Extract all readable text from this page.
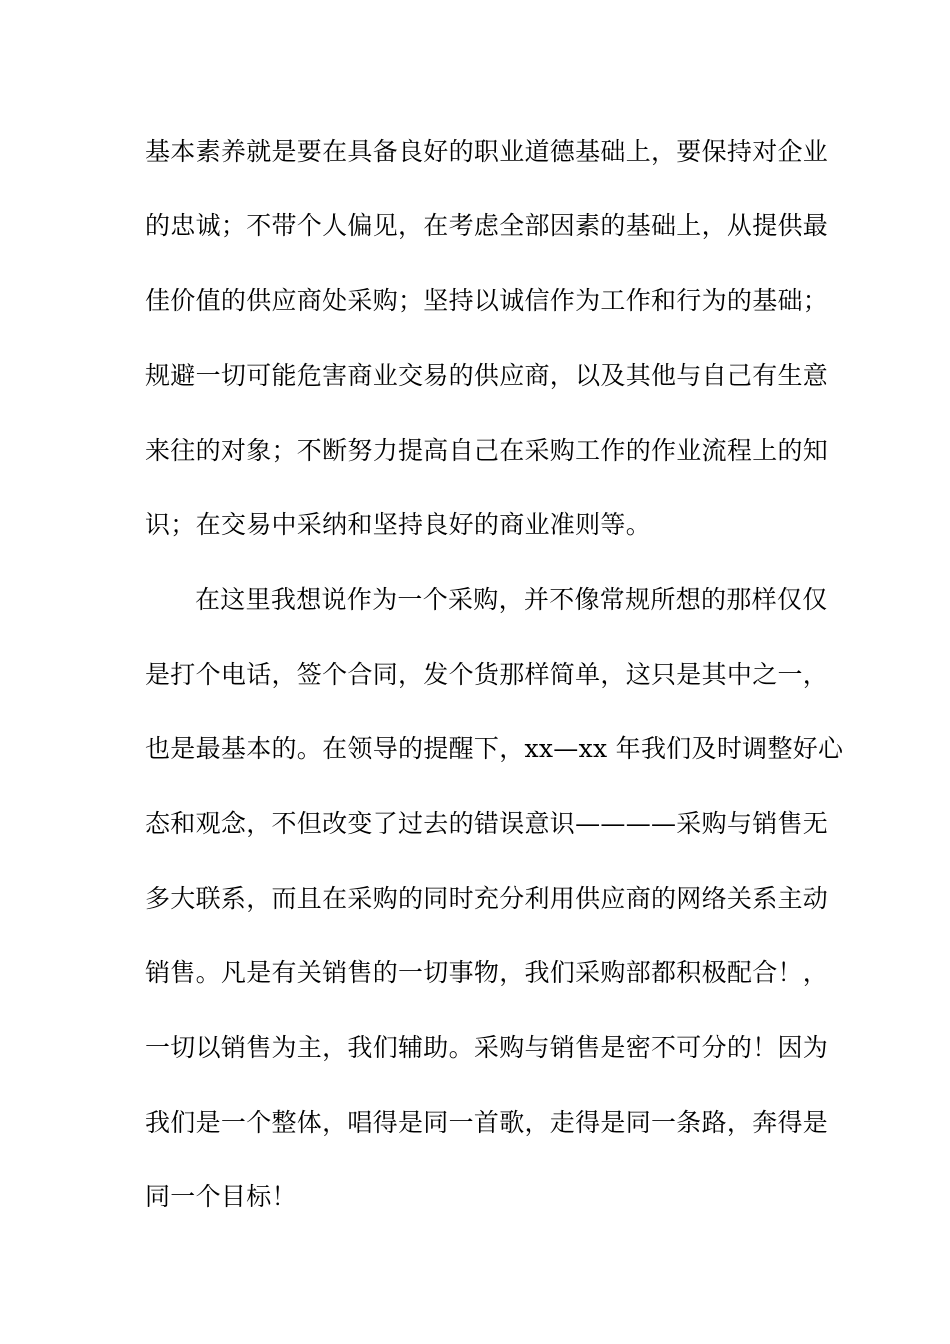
基本素养就是要在具备良好的职业道德基础上，要保持对企业
的忠诚；不带个人偏见，在考虑全部因素的基础上，从提供最
佳价值的供应商处采购；坚持以诚信作为工作和行为的基础；
规避一切可能危害商业交易的供应商，以及其他与自己有生意
来往的对象；不断努力提高自己在采购工作的作业流程上的知
识；在交易中采纳和坚持良好的商业准则等。
在这里我想说作为一个采购，并不像常规所想的那样仅仅
是打个电话，签个合同，发个货那样简单，这只是其中之一，
也是最基本的。在领导的提醒下，xx—xx 年我们及时调整好心
态和观念，不但改变了过去的错误意识————采购与销售无
多大联系，而且在采购的同时充分利用供应商的网络关系主动
销售。凡是有关销售的一切事物，我们采购部都积极配合！，
一切以销售为主，我们辅助。采购与销售是密不可分的！因为
我们是一个整体，唱得是同一首歌，走得是同一条路，奔得是
同一个目标！
